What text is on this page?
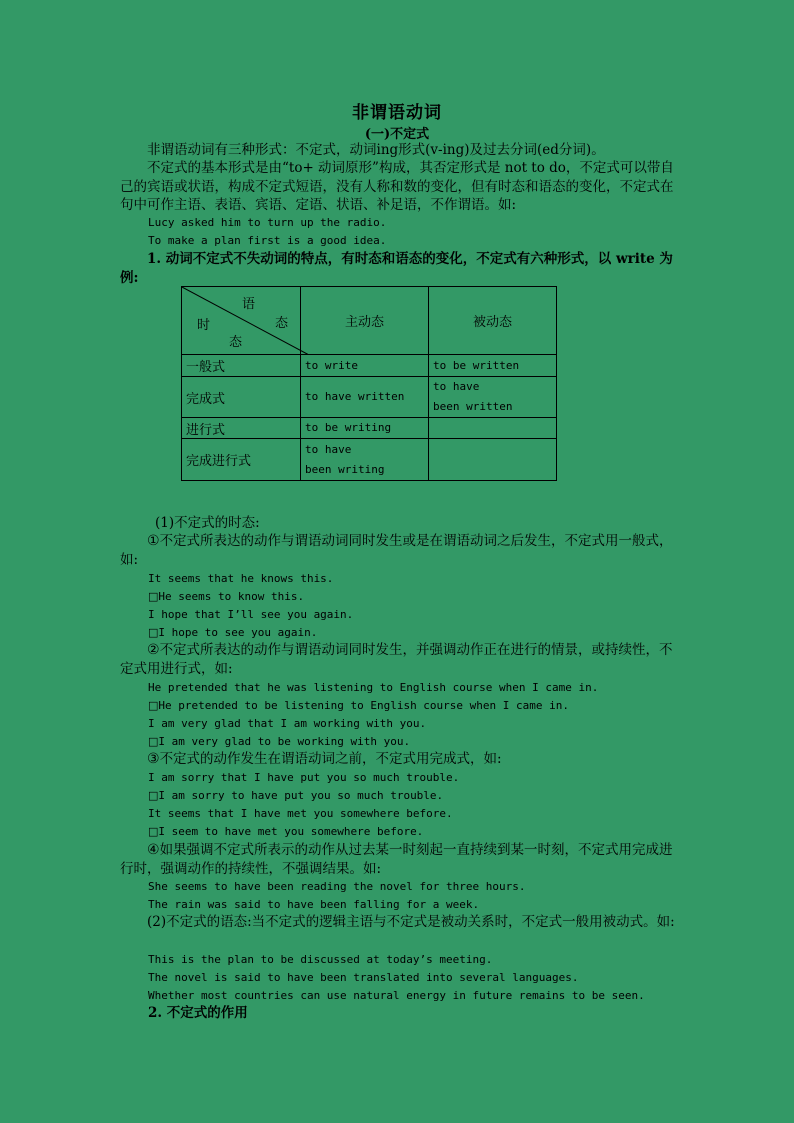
非谓语动词
(一)不定式
非谓语动词有三种形式：不定式，动词ing形式(v-ing)及过去分词(ed分词)。
不定式的基本形式是由“to+ 动词原形”构成，其否定形式是 not to do，不定式可以带自己的宾语或状语，构成不定式短语，没有人称和数的变化，但有时态和语态的变化，不定式在句中可作主语、表语、宾语、定语、状语、补足语，不作谓语。如:
Lucy asked him to turn up the radio.
To make a plan first is a good idea.
1. 动词不定式不失动词的特点，有时态和语态的变化，不定式有六种形式，以 write 为例:
语
态
时
态	主动态	被动态
一般式	to write	to be written
完成式	to have written	to have
been written

进行式	to be writing	
完成进行式	to have
been writing	

(1)不定式的时态:
①不定式所表达的动作与谓语动词同时发生或是在谓语动词之后发生，不定式用一般式，如:
It seems that he knows this.
□He seems to know this.
I hope that I’ll see you again.
□I hope to see you again.
②不定式所表达的动作与谓语动词同时发生，并强调动作正在进行的情景，或持续性，不定式用进行式，如:
He pretended that he was listening to English course when I came in.
□He pretended to be listening to English course when I came in.
I am very glad that I am working with you.
□I am very glad to be working with you.
③不定式的动作发生在谓语动词之前，不定式用完成式，如:
I am sorry that I have put you so much trouble.
□I am sorry to have put you so much trouble.
It seems that I have met you somewhere before.
□I seem to have met you somewhere before.
④如果强调不定式所表示的动作从过去某一时刻起一直持续到某一时刻，不定式用完成进行时，强调动作的持续性，不强调结果。如:
She seems to have been reading the novel for three hours.
The rain was said to have been falling for a week.
(2)不定式的语态:当不定式的逻辑主语与不定式是被动关系时，不定式一般用被动式。如:
This is the plan to be discussed at today’s meeting.
The novel is said to have been translated into several languages.
Whether most countries can use natural energy in future remains to be seen.
2. 不定式的作用
